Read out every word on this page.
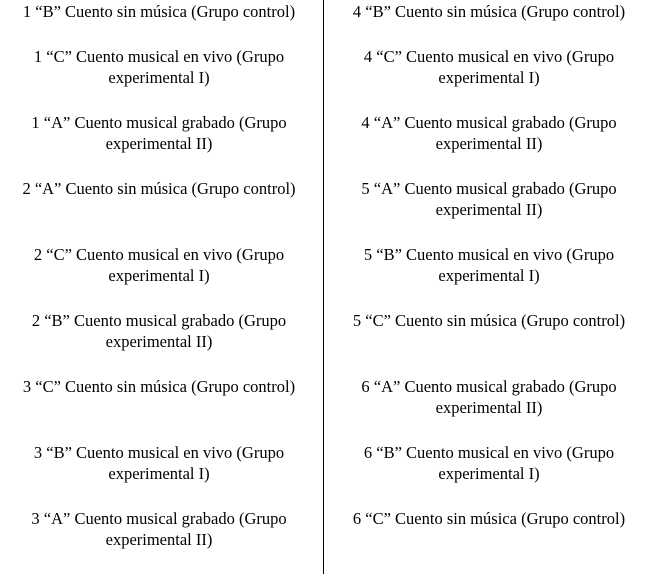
1 “B” Cuento sin música (Grupo control)
1 “C” Cuento musical en vivo (Grupo
experimental I)
1 “A” Cuento musical grabado (Grupo
experimental II)
2 “A” Cuento sin música (Grupo control)
2 “C” Cuento musical en vivo (Grupo
experimental I)
2 “B” Cuento musical grabado (Grupo
experimental II)
3 “C” Cuento sin música (Grupo control)
3 “B” Cuento musical en vivo (Grupo
experimental I)
3 “A” Cuento musical grabado (Grupo
experimental II)
4 “B” Cuento sin música (Grupo control)
4 “C” Cuento musical en vivo (Grupo
experimental I)
4 “A” Cuento musical grabado (Grupo
experimental II)
5 “A” Cuento musical grabado (Grupo
experimental II)
5 “B” Cuento musical en vivo (Grupo
experimental I)
5 “C” Cuento sin música (Grupo control)
6 “A” Cuento musical grabado (Grupo
experimental II)
6 “B” Cuento musical en vivo (Grupo
experimental I)
6 “C” Cuento sin música (Grupo control)
